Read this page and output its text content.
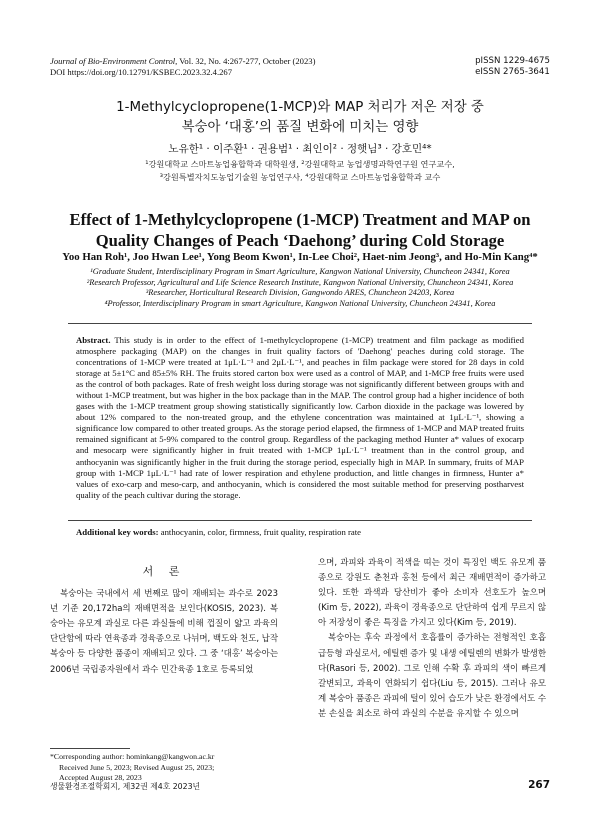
Journal of Bio-Environment Control, Vol. 32, No. 4:267-277, October (2023)
DOI https://doi.org/10.12791/KSBEC.2023.32.4.267
pISSN 1229-4675
eISSN 2765-3641
1-Methylcyclopropene(1-MCP)와 MAP 처리가 저온 저장 중
복숭아 ‘대홍’의 품질 변화에 미치는 영향
노유한¹ · 이주환¹ · 권용범¹ · 최인이² · 정햇님³ · 강호민⁴*
¹강원대학교 스마트농업융합학과 대학원생, ²강원대학교 농업생명과학연구원 연구교수,
³강원특별자치도농업기술원 농업연구사, ⁴강원대학교 스마트농업융합학과 교수
Effect of 1-Methylcyclopropene (1-MCP) Treatment and MAP on
Quality Changes of Peach ‘Daehong’ during Cold Storage
Yoo Han Roh¹, Joo Hwan Lee¹, Yong Beom Kwon¹, In-Lee Choi², Haet-nim Jeong³, and Ho-Min Kang⁴*
¹Graduate Student, Interdisciplinary Program in Smart Agriculture, Kangwon National University, Chuncheon 24341, Korea
²Research Professor, Agricultural and Life Science Research Institute, Kangwon National University, Chuncheon 24341, Korea
³Researcher, Horticultural Research Division, Gangwondo ARES, Chuncheon 24203, Korea
⁴Professor, Interdisciplinary Program in smart Agriculture, Kangwon National University, Chuncheon 24341, Korea
Abstract. This study is in order to the effect of 1-methylcyclopropene (1-MCP) treatment and film package as modified atmosphere packaging (MAP) on the changes in fruit quality factors of 'Daehong' peaches during cold storage. The concentrations of 1-MCP were treated at 1μL·L⁻¹ and 2μL·L⁻¹, and peaches in film package were stored for 28 days in cold storage at 5±1°C and 85±5% RH. The fruits stored carton box were used as a control of MAP, and 1-MCP free fruits were used as the control of both packages. Rate of fresh weight loss during storage was not significantly different between groups with and without 1-MCP treatment, but was higher in the box package than in the MAP. The control group had a higher incidence of both gases with the 1-MCP treatment group showing statistically significantly low. Carbon dioxide in the package was lowered by about 12% compared to the non-treated group, and the ethylene concentration was maintained at 1μL·L⁻¹, showing a significance low compared to other treated groups. As the storage period elapsed, the firmness of 1-MCP and MAP treated fruits remained significant at 5-9% compared to the control group. Regardless of the packaging method Hunter a* values of exocarp and mesocarp were significantly higher in fruit treated with 1-MCP 1μL·L⁻¹ treatment than in the control group, and anthocyanin was significantly higher in the fruit during the storage period, especially high in MAP. In summary, fruits of MAP group with 1-MCP 1μL·L⁻¹ had rate of lower respiration and ethylene production, and little changes in firmness, Hunter a* values of exo-carp and meso-carp, and anthocyanin, which is considered the most suitable method for preserving postharvest quality of the peach cultivar during the storage.
Additional key words: anthocyanin, color, firmness, fruit quality, respiration rate
서 론

복숭아는 국내에서 세 번째로 많이 재배되는 과수로 2023년 기준 20,172ha의 재배면적을 보인다(KOSIS, 2023). 복숭아는 유모계 과실로 다른 과실들에 비해 껍질이 얇고 과육의 단단함에 따라 연육종과 경육종으로 나뉘며, 백도와 천도, 납작 복숭아 등 다양한 품종이 재배되고 있다. 그 중 ‘대홍’ 복숭아는 2006년 국립종자원에서 과수 민간육종 1호로 등록되었

으며, 과피와 과육이 적색을 띠는 것이 특징인 백도 유모계 품종으로 강원도 춘천과 홍천 등에서 최근 재배면적이 증가하고 있다. 또한 과색과 당산비가 좋아 소비자 선호도가 높으며(Kim 등, 2022), 과육이 경육종으로 단단하여 쉽게 무르지 않아 저장성이 좋은 특징을 가지고 있다(Kim 등, 2019).

복숭아는 후숙 과정에서 호흡률이 증가하는 전형적인 호흡급등형 과실로서, 에틸렌 증가 및 내생 에틸렌의 변화가 발생한다(Rasori 등, 2002). 그로 인해 수확 후 과피의 색이 빠르게 갈변되고, 과육이 연화되기 쉽다(Liu 등, 2015). 그러나 유모계 복숭아 품종은 과피에 털이 있어 습도가 낮은 환경에서도 수분 손실을 최소로 하여 과실의 수분을 유지할 수 있으며

*Corresponding author: hominkang@kangwon.ac.kr
Received June 5, 2023; Revised August 25, 2023;
Accepted August 28, 2023
생물환경조절학회지, 제32권 제4호 2023년	267
